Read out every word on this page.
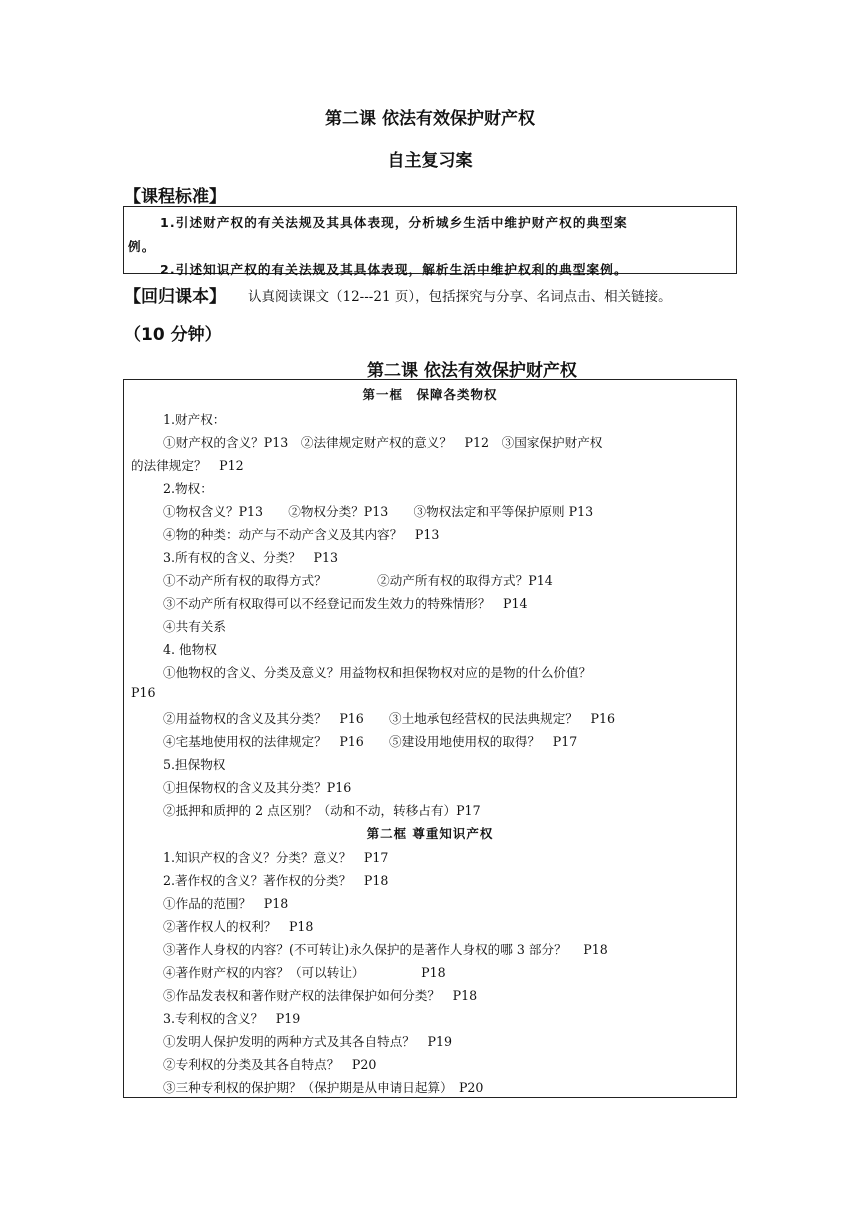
第二课 依法有效保护财产权
自主复习案
【课程标准】
1.引述财产权的有关法规及其具体表现，分析城乡生活中维护财产权的典型案
例。
2.引述知识产权的有关法规及其具体表现，解析生活中维护权利的典型案例。
【回归课本】 认真阅读课文（12---21 页），包括探究与分享、名词点击、相关链接。
（10 分钟）
第二课 依法有效保护财产权
第一框　保障各类物权
1.财产权：
①财产权的含义？P13　②法律规定财产权的意义？　P12　③国家保护财产权
的法律规定？　P12
2.物权：
①物权含义？P13　　②物权分类？P13　　③物权法定和平等保护原则 P13
④物的种类：动产与不动产含义及其内容？　P13
3.所有权的含义、分类？　P13
①不动产所有权的取得方式？　　　　②动产所有权的取得方式？P14
③不动产所有权取得可以不经登记而发生效力的特殊情形？　P14
④共有关系
4. 他物权
①他物权的含义、分类及意义？用益物权和担保物权对应的是物的什么价值？
P16
②用益物权的含义及其分类？　P16　　③土地承包经营权的民法典规定？　P16
④宅基地使用权的法律规定？　P16　　⑤建设用地使用权的取得？　P17
5.担保物权
①担保物权的含义及其分类？P16
②抵押和质押的 2 点区别？（动和不动，转移占有）P17
第二框 尊重知识产权
1.知识产权的含义？分类？意义？　P17
2.著作权的含义？著作权的分类？　P18
①作品的范围？　P18
②著作权人的权利？　P18
③著作人身权的内容？(不可转让)永久保护的是著作人身权的哪 3 部分？　 P18
④著作财产权的内容？（可以转让）　　　　　P18
⑤作品发表权和著作财产权的法律保护如何分类？　P18
3.专利权的含义？　P19
①发明人保护发明的两种方式及其各自特点？　P19
②专利权的分类及其各自特点？　P20
③三种专利权的保护期？（保护期是从申请日起算）　P20
